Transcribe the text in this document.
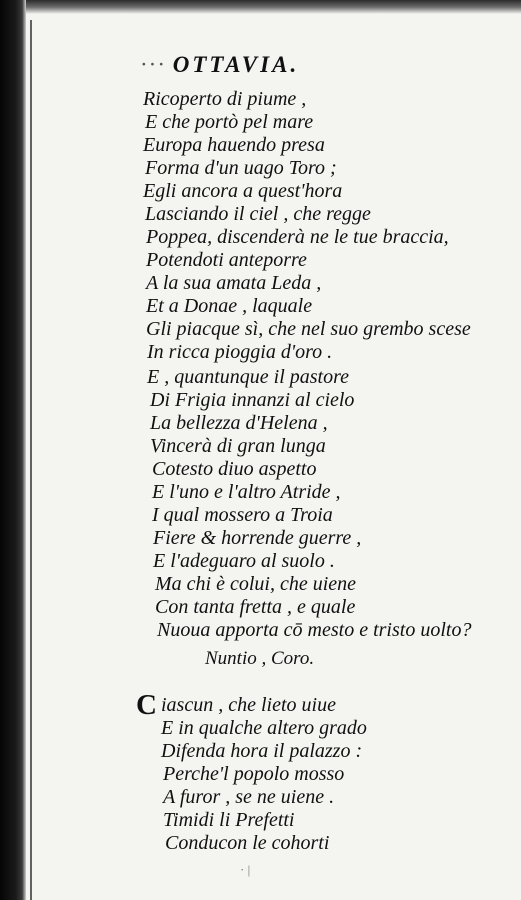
··· OTTAVIA.
Ricoperto di piume ,
E che portò pel mare
Europa hauendo presa
Forma d'un uago Toro ;
Egli ancora a quest'hora
Lasciando il ciel , che regge
Poppea, discenderà ne le tue braccia,
Potendoti anteporre
A la sua amata Leda ,
Et a Donae , laquale
Gli piacque sì, che nel suo grembo scese
In ricca pioggia d'oro .
E , quantunque il pastore
Di Frigia innanzi al cielo
La bellezza d'Helena ,
Vincerà di gran lunga
Cotesto diuo aspetto
E l'uno e l'altro Atride ,
I qual mossero a Troia
Fiere & horrende guerre ,
E l'adeguaro al suolo .
Ma chi è colui, che uiene
Con tanta fretta , e quale
Nuoua apporta cō mesto e tristo uolto?
Nuntio , Coro.
C iascun , che lieto uiue
E in qualche altero grado
Difenda hora il palazzo :
Perche'l popolo mosso
A furor , se ne uiene .
Timidi li Prefetti
Conducon le cohorti
· |
